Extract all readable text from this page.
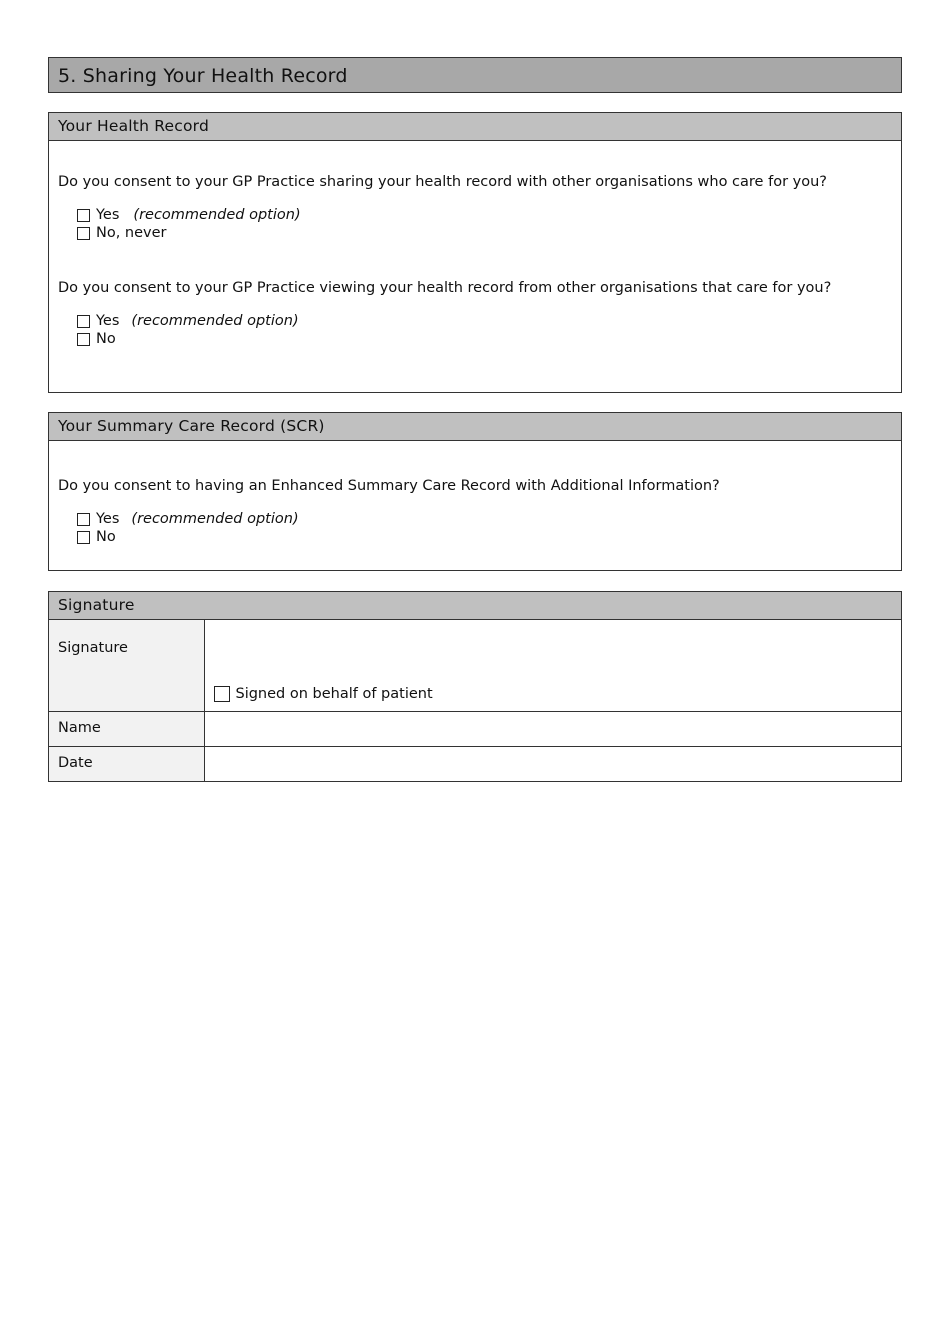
5. Sharing Your Health Record
Your Health Record

Do you consent to your GP Practice sharing your health record with other organisations who care for you?

Yes (recommended option)
No, never

Do you consent to your GP Practice viewing your health record from other organisations that care for you?

Yes (recommended option)
No
Your Summary Care Record (SCR)

Do you consent to having an Enhanced Summary Care Record with Additional Information?

Yes (recommended option)
No
Signature
Signature	Signed on behalf of patient

Name	
Date	
